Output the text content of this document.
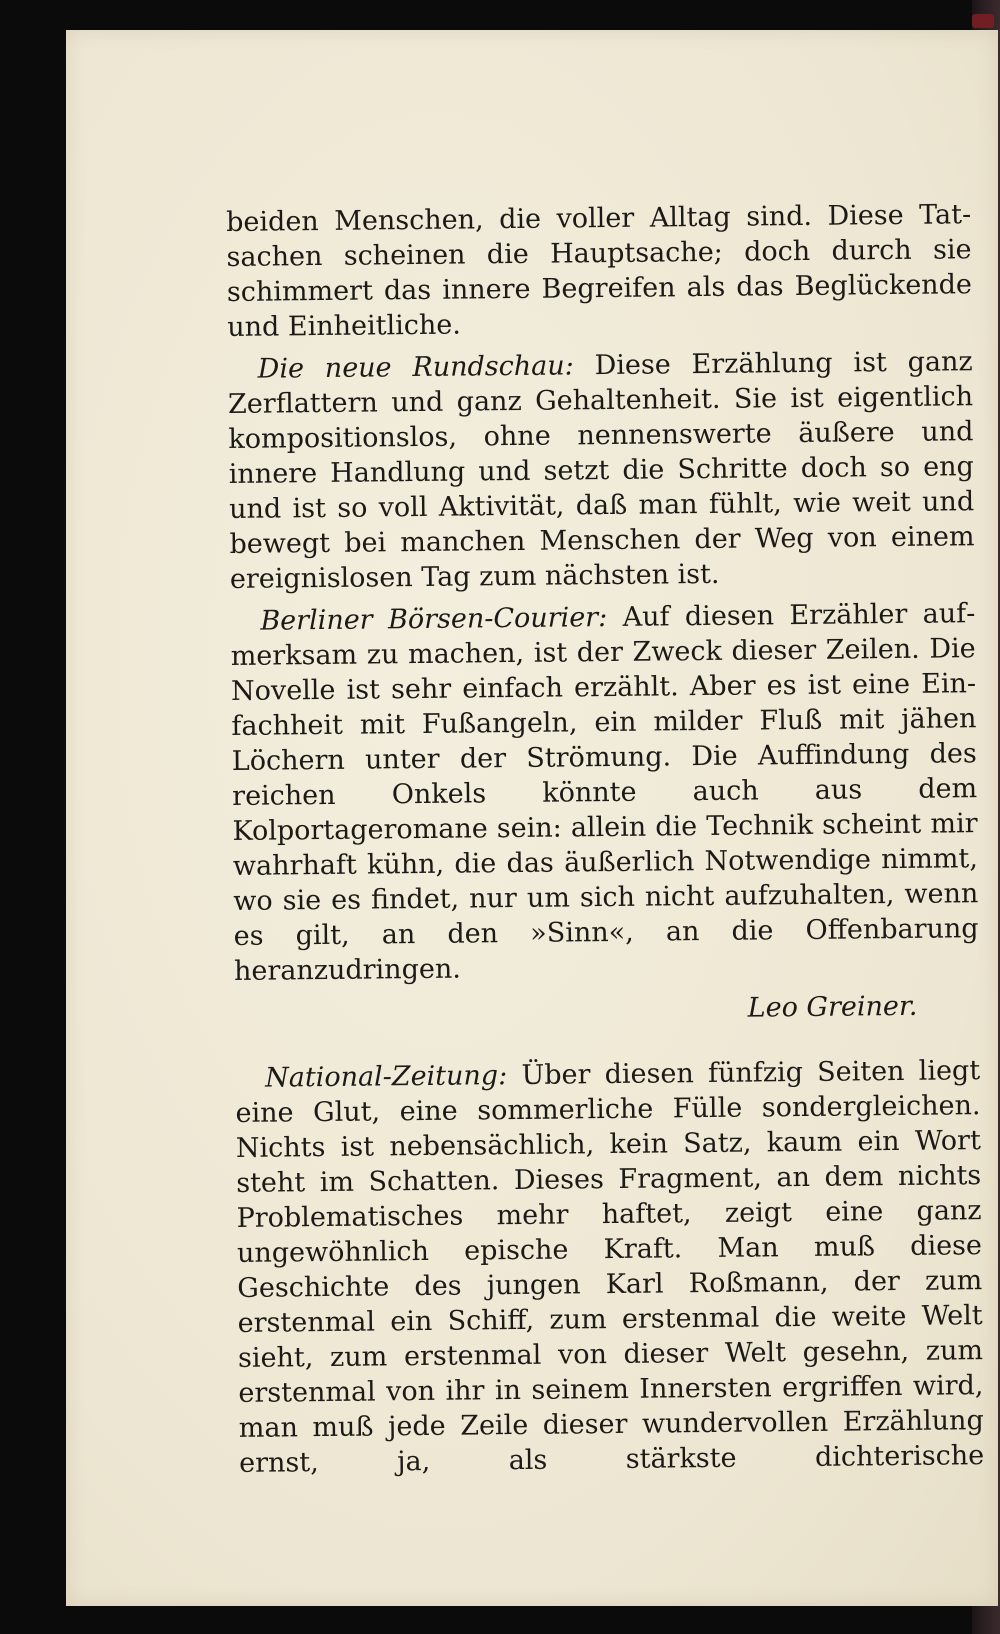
beiden Menschen, die voller Alltag sind. Diese Tatsachen scheinen die Hauptsache; doch durch sie schimmert das innere Begreifen als das Beglückende und Einheitliche.

Die neue Rundschau: Diese Erzählung ist ganz Zerflattern und ganz Gehaltenheit. Sie ist eigentlich kompositionslos, ohne nennenswerte äußere und innere Handlung und setzt die Schritte doch so eng und ist so voll Aktivität, daß man fühlt, wie weit und bewegt bei manchen Menschen der Weg von einem ereignislosen Tag zum nächsten ist.

Berliner Börsen-Courier: Auf diesen Erzähler aufmerksam zu machen, ist der Zweck dieser Zeilen. Die Novelle ist sehr einfach erzählt. Aber es ist eine Einfachheit mit Fußangeln, ein milder Fluß mit jähen Löchern unter der Strömung. Die Auffindung des reichen Onkels könnte auch aus dem Kolportageromane sein: allein die Technik scheint mir wahrhaft kühn, die das äußerlich Notwendige nimmt, wo sie es findet, nur um sich nicht aufzuhalten, wenn es gilt, an den »Sinn«, an die Offenbarung heranzudringen.

Leo Greiner.

National-Zeitung: Über diesen fünfzig Seiten liegt eine Glut, eine sommerliche Fülle sondergleichen. Nichts ist nebensächlich, kein Satz, kaum ein Wort steht im Schatten. Dieses Fragment, an dem nichts Problematisches mehr haftet, zeigt eine ganz ungewöhnlich epische Kraft. Man muß diese Geschichte des jungen Karl Roßmann, der zum erstenmal ein Schiff, zum erstenmal die weite Welt sieht, zum erstenmal von dieser Welt gesehn, zum erstenmal von ihr in seinem Innersten ergriffen wird, man muß jede Zeile dieser wundervollen Erzählung ernst, ja, als stärkste dichterische
